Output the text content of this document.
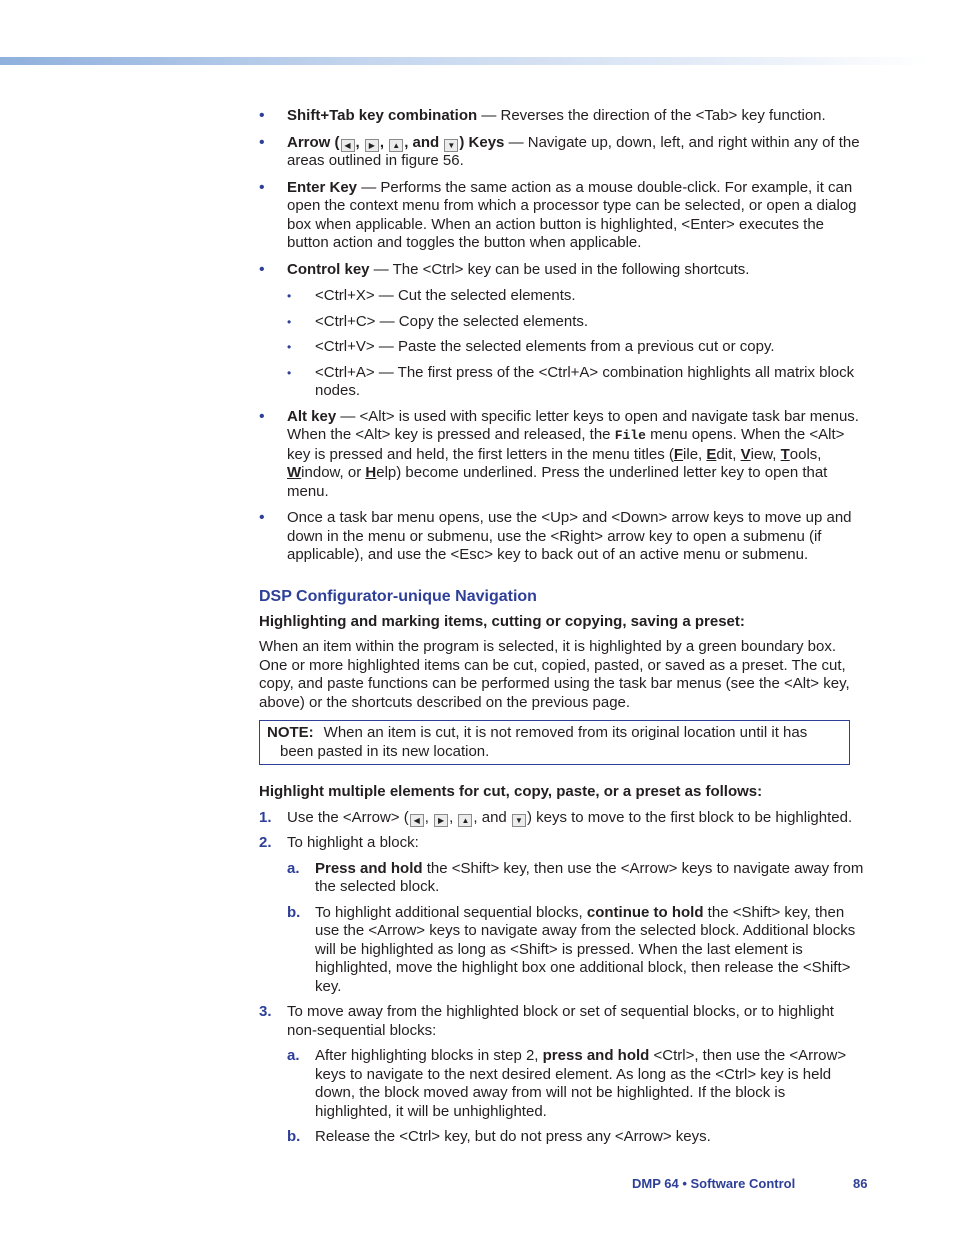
• Shift+Tab key combination — Reverses the direction of the <Tab> key function.
• Arrow ( ◀ , ▶ , ▲ , and ▼ ) Keys — Navigate up, down, left, and right within any of the areas outlined in figure 56.
• Enter Key — Performs the same action as a mouse double-click. For example, it can open the context menu from which a processor type can be selected, or open a dialog box when applicable. When an action button is highlighted, <Enter> executes the button action and toggles the button when applicable.
• Control key — The <Ctrl> key can be used in the following shortcuts.
• <Ctrl+X> — Cut the selected elements.
• <Ctrl+C> — Copy the selected elements.
• <Ctrl+V> — Paste the selected elements from a previous cut or copy.
• <Ctrl+A> — The first press of the <Ctrl+A> combination highlights all matrix block nodes.
• Alt key — <Alt> is used with specific letter keys to open and navigate task bar menus. When the <Alt> key is pressed and released, the File menu opens. When the <Alt> key is pressed and held, the first letters in the menu titles (File, Edit, View, Tools, Window, or Help) become underlined. Press the underlined letter key to open that menu.
• Once a task bar menu opens, use the <Up> and <Down> arrow keys to move up and down in the menu or submenu, use the <Right> arrow key to open a submenu (if applicable), and use the <Esc> key to back out of an active menu or submenu.
DSP Configurator-unique Navigation
Highlighting and marking items, cutting or copying, saving a preset:

When an item within the program is selected, it is highlighted by a green boundary box. One or more highlighted items can be cut, copied, pasted, or saved as a preset. The cut, copy, and paste functions can be performed using the task bar menus (see the <Alt> key, above) or the shortcuts described on the previous page.

NOTE: When an item is cut, it is not removed from its original location until it has been pasted in its new location.
Highlight multiple elements for cut, copy, paste, or a preset as follows:
1. Use the <Arrow> ( ◀ , ▶ , ▲ , and ▼ ) keys to move to the first block to be highlighted.
2. To highlight a block:
a. Press and hold the <Shift> key, then use the <Arrow> keys to navigate away from the selected block.
b. To highlight additional sequential blocks, continue to hold the <Shift> key, then use the <Arrow> keys to navigate away from the selected block. Additional blocks will be highlighted as long as <Shift> is pressed. When the last element is highlighted, move the highlight box one additional block, then release the <Shift> key.
3. To move away from the highlighted block or set of sequential blocks, or to highlight non-sequential blocks:
a. After highlighting blocks in step 2, press and hold <Ctrl>, then use the <Arrow> keys to navigate to the next desired element. As long as the <Ctrl> key is held down, the block moved away from will not be highlighted. If the block is highlighted, it will be unhighlighted.
b. Release the <Ctrl> key, but do not press any <Arrow> keys.
DMP 64 • Software Control	86
